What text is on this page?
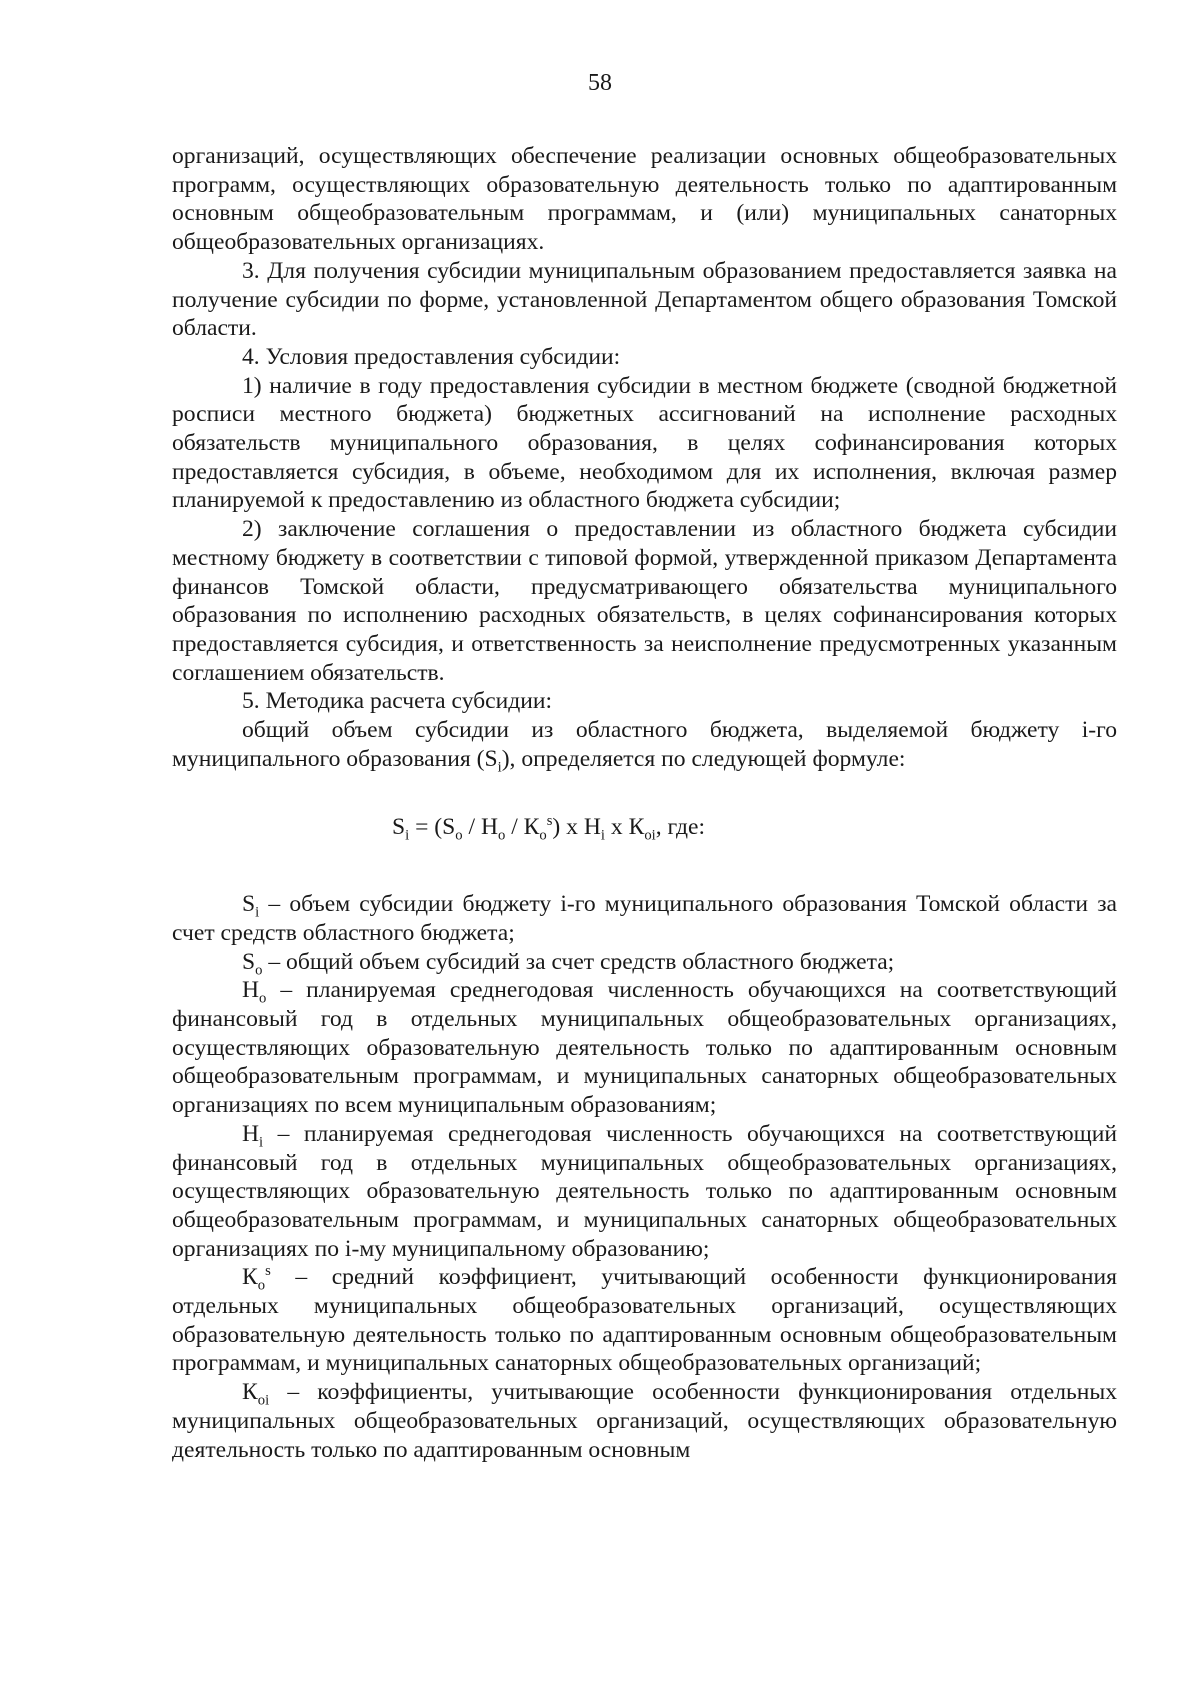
58

организаций, осуществляющих обеспечение реализации основных общеобразовательных программ, осуществляющих образовательную деятельность только по адаптированным основным общеобразовательным программам, и (или) муниципальных санаторных общеобразовательных организациях.

3. Для получения субсидии муниципальным образованием предоставляется заявка на получение субсидии по форме, установленной Департаментом общего образования Томской области.

4. Условия предоставления субсидии:

1) наличие в году предоставления субсидии в местном бюджете (сводной бюджетной росписи местного бюджета) бюджетных ассигнований на исполнение расходных обязательств муниципального образования, в целях софинансирования которых предоставляется субсидия, в объеме, необходимом для их исполнения, включая размер планируемой к предоставлению из областного бюджета субсидии;

2) заключение соглашения о предоставлении из областного бюджета субсидии местному бюджету в соответствии с типовой формой, утвержденной приказом Департамента финансов Томской области, предусматривающего обязательства муниципального образования по исполнению расходных обязательств, в целях софинансирования которых предоставляется субсидия, и ответственность за неисполнение предусмотренных указанным соглашением обязательств.

5. Методика расчета субсидии:

общий объем субсидии из областного бюджета, выделяемой бюджету i-го муниципального образования $(S_i)$, определяется по следующей формуле:

$S_i = (S_о / Н_о / К_о^s)$ x $Н_i$ x $К_{оi}$, где:

$S_i$ – объем субсидии бюджету i-го муниципального образования Томской области за счет средств областного бюджета;

$S_о$ – общий объем субсидий за счет средств областного бюджета;

$Н_о$ – планируемая среднегодовая численность обучающихся на соответствующий финансовый год в отдельных муниципальных общеобразовательных организациях, осуществляющих образовательную деятельность только по адаптированным основным общеобразовательным программам, и муниципальных санаторных общеобразовательных организациях по всем муниципальным образованиям;

$Н_i$ – планируемая среднегодовая численность обучающихся на соответствующий финансовый год в отдельных муниципальных общеобразовательных организациях, осуществляющих образовательную деятельность только по адаптированным основным общеобразовательным программам, и муниципальных санаторных общеобразовательных организациях по i-му муниципальному образованию;

$К_о^s$ – средний коэффициент, учитывающий особенности функционирования отдельных муниципальных общеобразовательных организаций, осуществляющих образовательную деятельность только по адаптированным основным общеобразовательным программам, и муниципальных санаторных общеобразовательных организаций;

$К_{оi}$ – коэффициенты, учитывающие особенности функционирования отдельных муниципальных общеобразовательных организаций, осуществляющих образовательную деятельность только по адаптированным основным
